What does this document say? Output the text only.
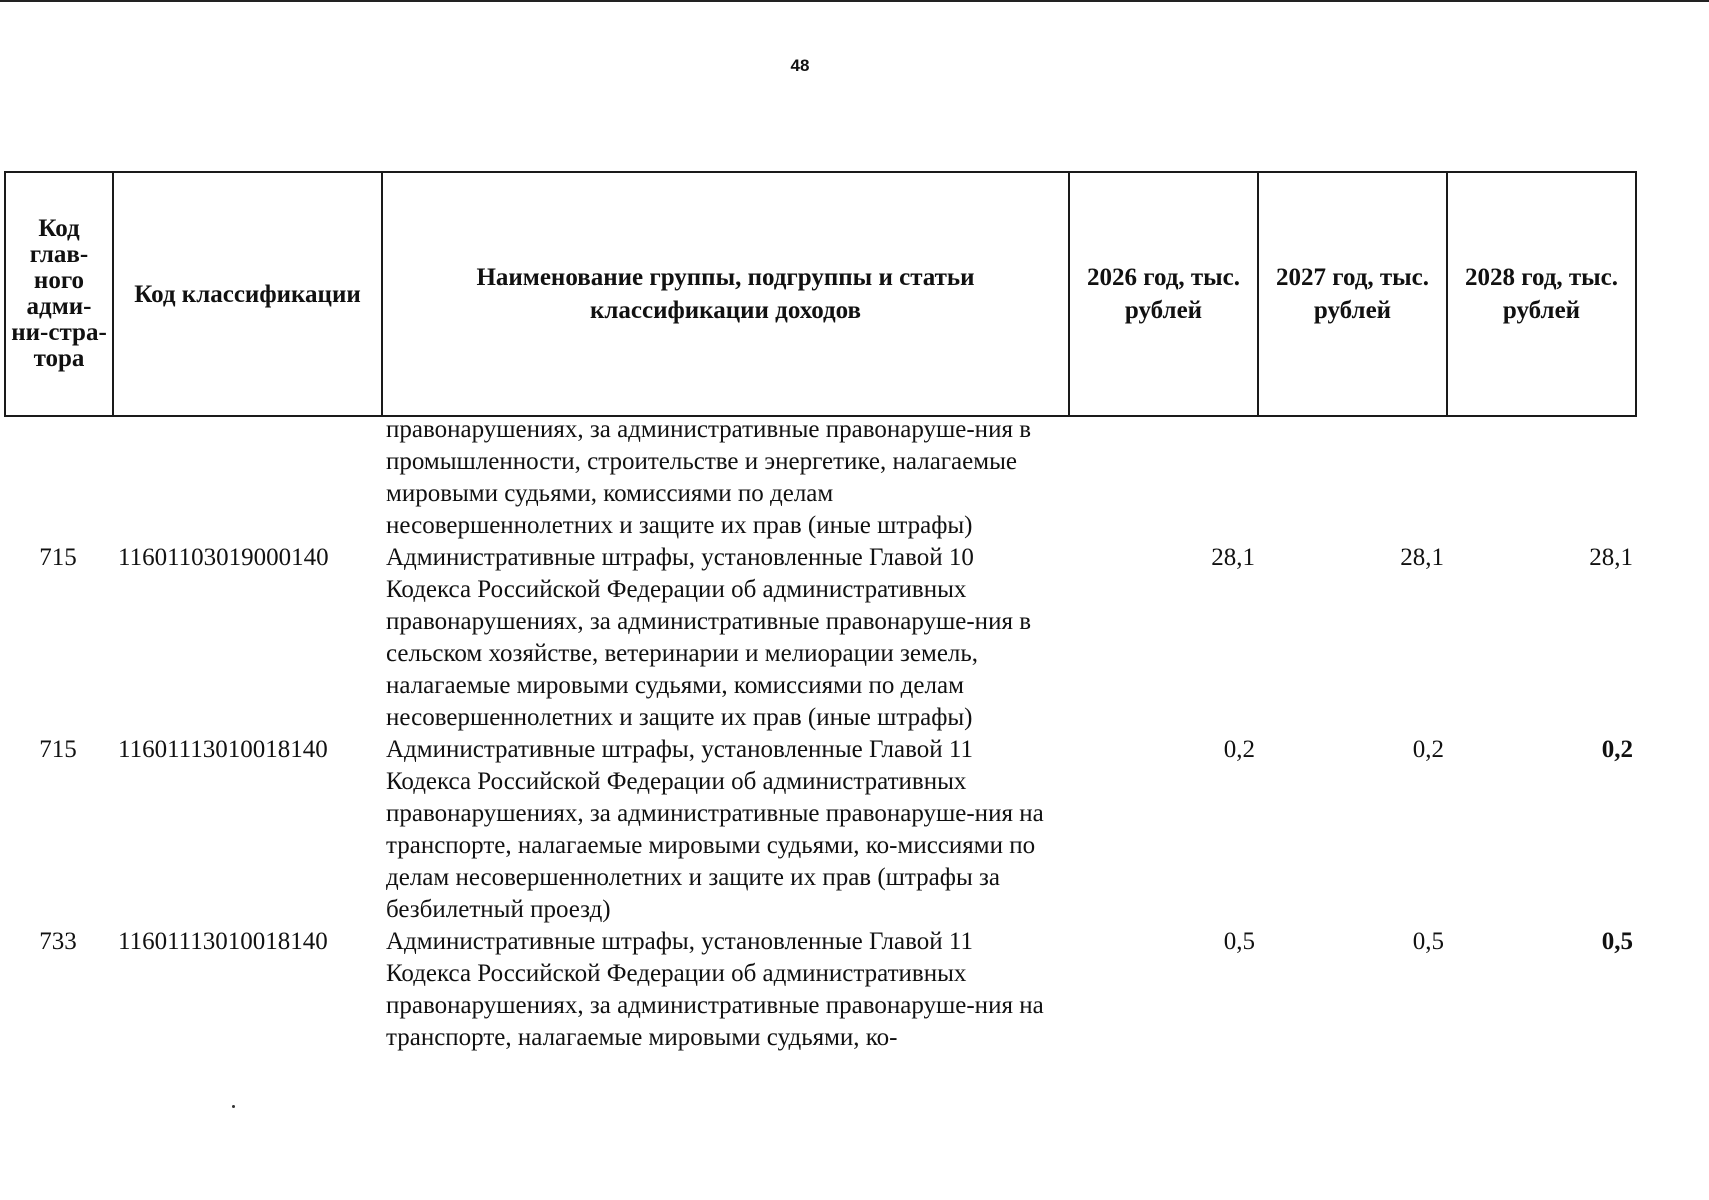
48
Код глав-ного адми-ни-стра-тора	Код классификации	Наименование группы, подгруппы и статьи классификации доходов	2026 год, тыс. рублей	2027 год, тыс. рублей	2028 год, тыс. рублей
		правонарушениях, за административные правонаруше-ния в промышленности, строительстве и энергетике, налагаемые мировыми судьями, комиссиями по делам несовершеннолетних и защите их прав (иные штрафы)			
715	11601103019000140	Административные штрафы, установленные Главой 10 Кодекса Российской Федерации об административных правонарушениях, за административные правонаруше-ния в сельском хозяйстве, ветеринарии и мелиорации земель, налагаемые мировыми судьями, комиссиями по делам несовершеннолетних и защите их прав (иные штрафы)	28,1	28,1	28,1
715	11601113010018140	Административные штрафы, установленные Главой 11 Кодекса Российской Федерации об административных правонарушениях, за административные правонаруше-ния на транспорте, налагаемые мировыми судьями, ко-миссиями по делам несовершеннолетних и защите их прав (штрафы за безбилетный проезд)	0,2	0,2	0,2
733	11601113010018140	Административные штрафы, установленные Главой 11 Кодекса Российской Федерации об административных правонарушениях, за административные правонаруше-ния на транспорте, налагаемые мировыми судьями, ко-	0,5	0,5	0,5
